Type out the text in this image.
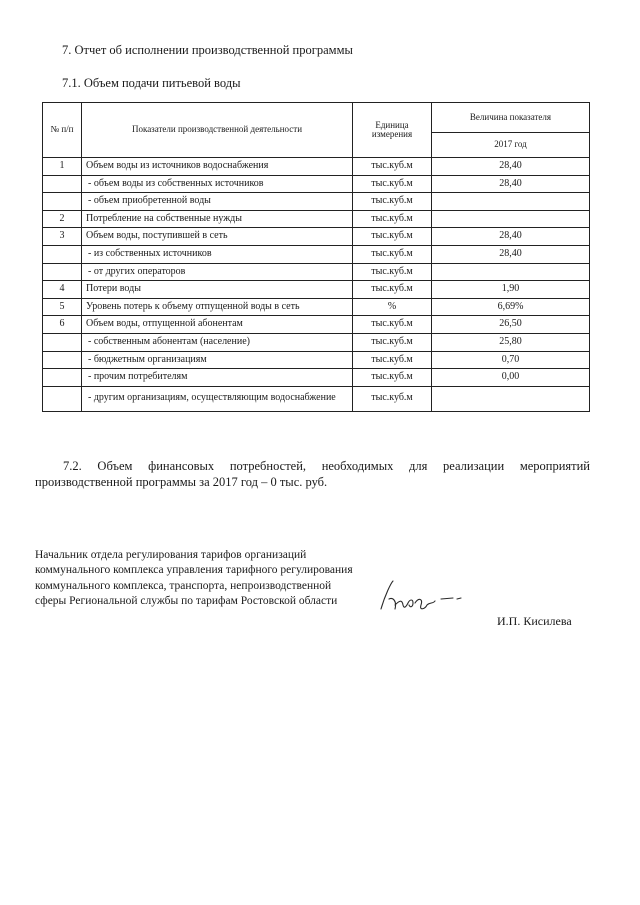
7. Отчет об исполнении производственной программы
7.1. Объем подачи питьевой воды
№ п/п	Показатели производственной деятельности	Единица измерения	Величина показателя
			2017 год
1	Объем воды из источников водоснабжения	тыс.куб.м	28,40
	- объем воды из собственных источников	тыс.куб.м	28,40
	- объем приобретенной воды	тыс.куб.м	
2	Потребление на собственные нужды	тыс.куб.м	
3	Объем воды, поступившей в сеть	тыс.куб.м	28,40
	- из собственных источников	тыс.куб.м	28,40
	- от других операторов	тыс.куб.м	
4	Потери воды	тыс.куб.м	1,90
5	Уровень потерь к объему отпущенной воды в сеть	%	6,69%
6	Объем воды, отпущенной абонентам	тыс.куб.м	26,50
	- собственным абонентам (население)	тыс.куб.м	25,80
	- бюджетным организациям	тыс.куб.м	0,70
	- прочим потребителям	тыс.куб.м	0,00
	- другим организациям, осуществляющим водоснабжение	тыс.куб.м	
7.2. Объем финансовых потребностей, необходимых для реализации мероприятий производственной программы за 2017 год – 0 тыс. руб.
Начальник отдела регулирования тарифов организаций коммунального комплекса управления тарифного регулирования коммунального комплекса, транспорта, непроизводственной сферы Региональной службы по тарифам Ростовской области
И.П. Кисилева
